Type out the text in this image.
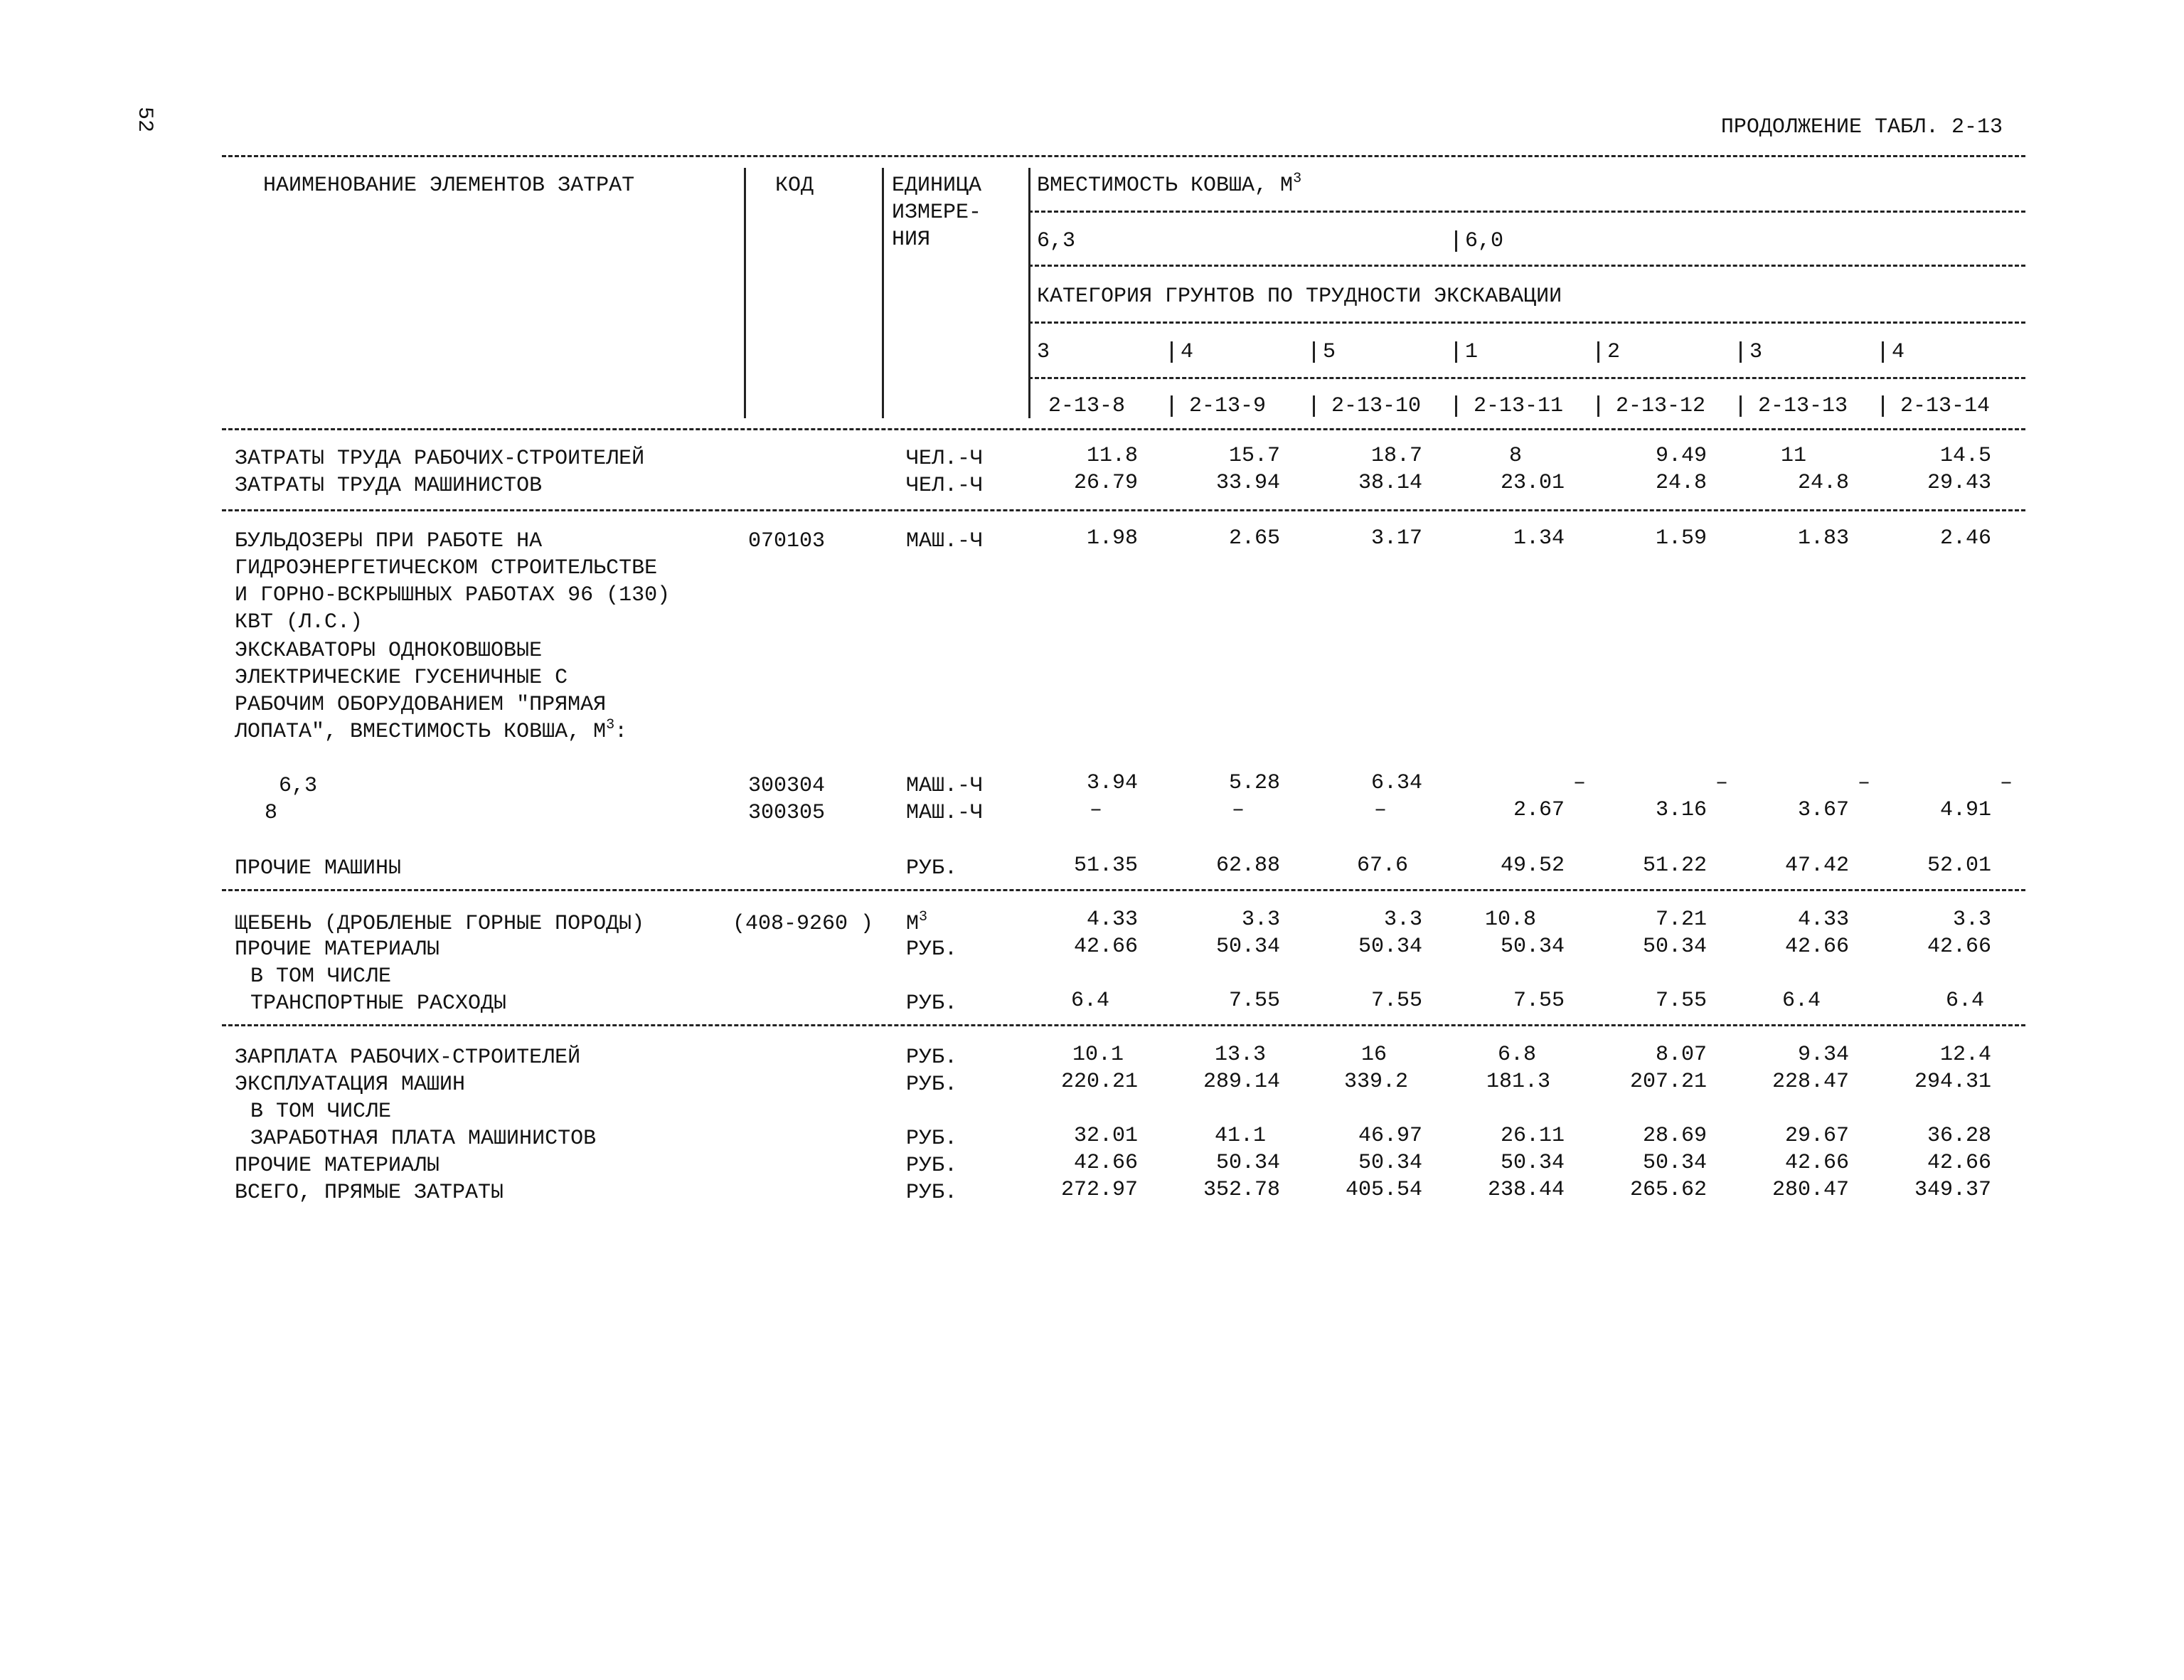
52	ПРОДОЛЖЕНИЕ ТАБЛ. 2-13
НАИМЕНОВАНИЕ ЭЛЕМЕНТОВ ЗАТРАТ	КОД	ЕДИНИЦА
ИЗМЕРЕ-
НИЯ
ВМЕСТИМОСТЬ КОВША, $М^3$
6,3	6,0
КАТЕГОРИЯ ГРУНТОВ ПО ТРУДНОСТИ ЭКСКАВАЦИИ
3	4	5	1	2	3	4
2-13-8	2-13-9	2-13-10 2-13-11 2-13-12 2-13-13 2-13-14
ЗАТРАТЫ ТРУДА РАБОЧИХ-СТРОИТЕЛЕЙ	ЧЕЛ.-Ч	11.8	15.7	18.7	8	9.49	11	14.5
ЗАТРАТЫ ТРУДА МАШИНИСТОВ	ЧЕЛ.-Ч	26.79	33.94	38.14	23.01	24.8	24.8	29.43
БУЛЬДОЗЕРЫ ПРИ РАБОТЕ НА
ГИДРОЭНЕРГЕТИЧЕСКОМ СТРОИТЕЛЬСТВЕ
И ГОРНО-ВСКРЫШНЫХ РАБОТАХ 96 (130)
КВТ (Л.С.)
070103	МАШ.-Ч	1.98	2.65	3.17	1.34	1.59	1.83	2.46
ЭКСКАВАТОРЫ ОДНОКОВШОВЫЕ
ЭЛЕКТРИЧЕСКИЕ ГУСЕНИЧНЫЕ С
РАБОЧИМ ОБОРУДОВАНИЕМ "ПРЯМАЯ
ЛОПАТА", ВМЕСТИМОСТЬ КОВША, $М^3$:
6,3	300304	МАШ.-Ч	3.94	5.28	6.34	–	–	–	–
8	300305	МАШ.-Ч	–	–	–	2.67	3.16	3.67	4.91
ПРОЧИЕ МАШИНЫ	РУБ.	51.35	62.88	67.6	49.52	51.22	47.42	52.01
ЩЕБЕНЬ (ДРОБЛЕНЫЕ ГОРНЫЕ ПОРОДЫ)	(408-9260 ) $М^3$	4.33	3.3	3.3	10.8	7.21	4.33	3.3
ПРОЧИЕ МАТЕРИАЛЫ	РУБ.	42.66	50.34	50.34	50.34	50.34	42.66	42.66
В ТОМ ЧИСЛЕ
ТРАНСПОРТНЫЕ РАСХОДЫ	РУБ.	6.4	7.55	7.55	7.55	7.55	6.4	6.4
ЗАРПЛАТА РАБОЧИХ-СТРОИТЕЛЕЙ	РУБ.	10.1	13.3	16	6.8	8.07	9.34	12.4
ЭКСПЛУАТАЦИЯ МАШИН	РУБ.	220.21	289.14	339.2	181.3	207.21	228.47	294.31
В ТОМ ЧИСЛЕ
ЗАРАБОТНАЯ ПЛАТА МАШИНИСТОВ	РУБ.	32.01	41.1	46.97	26.11	28.69	29.67	36.28
ПРОЧИЕ МАТЕРИАЛЫ	РУБ.	42.66	50.34	50.34	50.34	50.34	42.66	42.66
ВСЕГО, ПРЯМЫЕ ЗАТРАТЫ	РУБ.	272.97	352.78	405.54	238.44	265.62	280.47	349.37
